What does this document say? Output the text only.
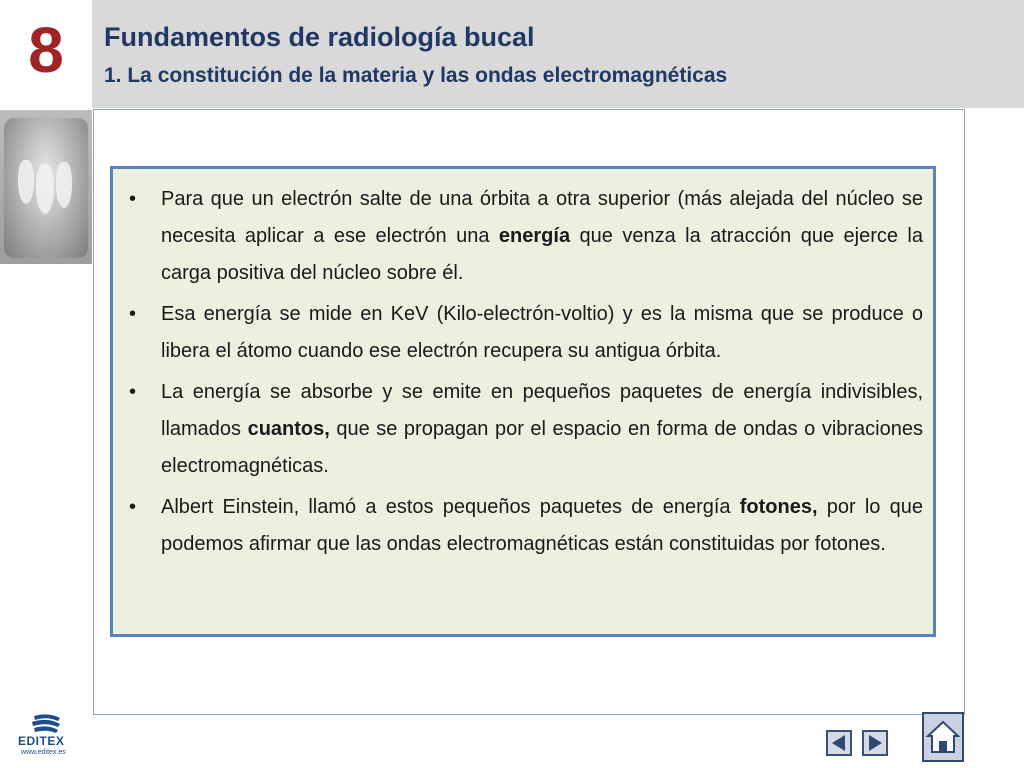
8 Fundamentos de radiología bucal
1. La constitución de la materia y las ondas electromagnéticas
• Para que un electrón salte de una órbita a otra superior (más alejada del núcleo se necesita aplicar a ese electrón una energía que venza la atracción que ejerce la carga positiva del núcleo sobre él.
• Esa energía se mide en KeV (Kilo-electrón-voltio) y es la misma que se produce o libera el átomo cuando ese electrón recupera su antigua órbita.
• La energía se absorbe y se emite en pequeños paquetes de energía indivisibles, llamados cuantos, que se propagan por el espacio en forma de ondas o vibraciones electromagnéticas.
• Albert Einstein, llamó a estos pequeños paquetes de energía fotones, por lo que podemos afirmar que las ondas electromagnéticas están constituidas por fotones.
EDITEX
www.editex.es
